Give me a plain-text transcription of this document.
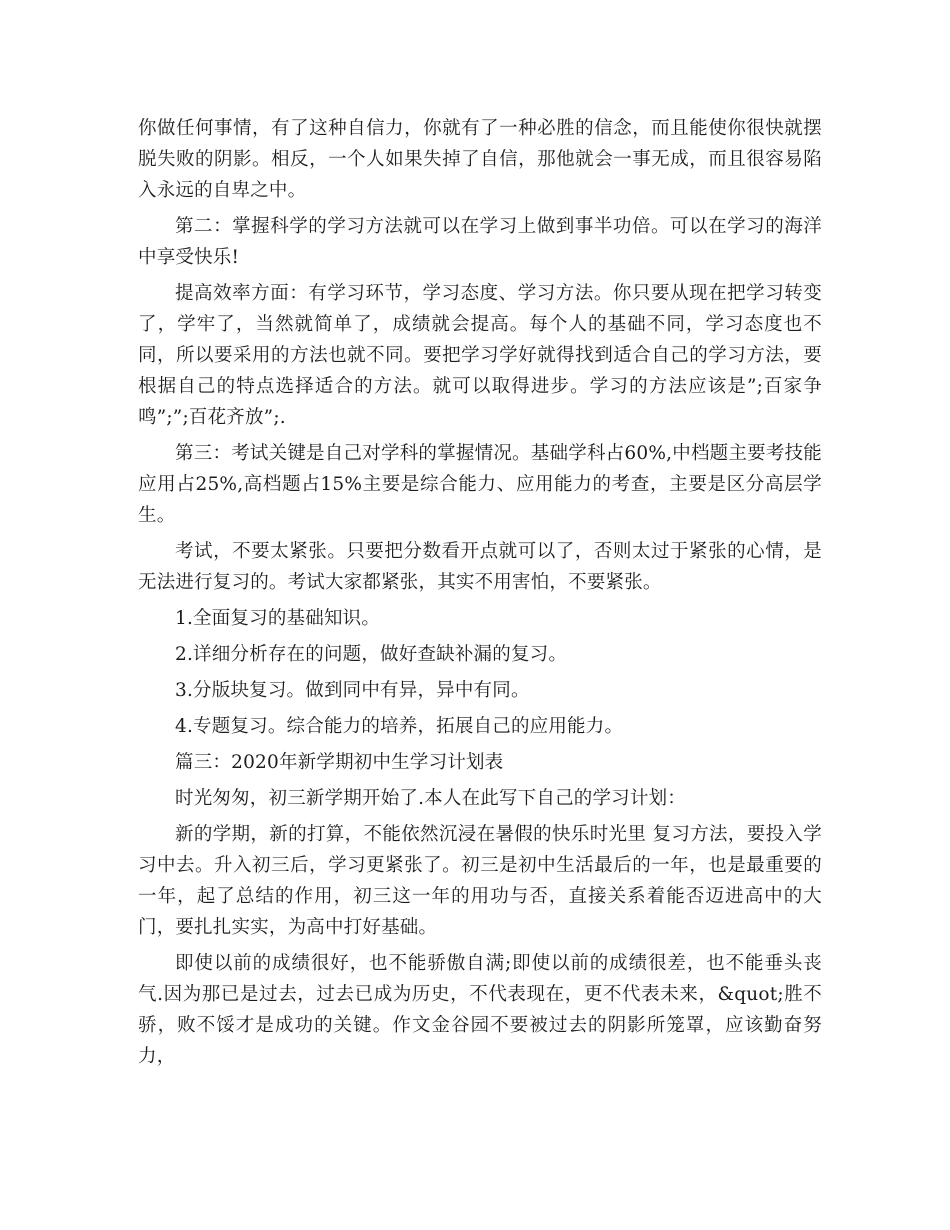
你做任何事情，有了这种自信力，你就有了一种必胜的信念，而且能使你很快就摆脱失败的阴影。相反，一个人如果失掉了自信，那他就会一事无成，而且很容易陷入永远的自卑之中。

第二：掌握科学的学习方法就可以在学习上做到事半功倍。可以在学习的海洋中享受快乐!

提高效率方面：有学习环节，学习态度、学习方法。你只要从现在把学习转变了，学牢了，当然就简单了，成绩就会提高。每个人的基础不同，学习态度也不同，所以要采用的方法也就不同。要把学习学好就得找到适合自己的学习方法，要根据自己的特点选择适合的方法。就可以取得进步。学习的方法应该是”;百家争鸣”;”;百花齐放”;.

第三：考试关键是自己对学科的掌握情况。基础学科占60%,中档题主要考技能应用占25%,高档题占15%主要是综合能力、应用能力的考查，主要是区分高层学生。

考试，不要太紧张。只要把分数看开点就可以了，否则太过于紧张的心情，是无法进行复习的。考试大家都紧张，其实不用害怕，不要紧张。

1.全面复习的基础知识。

2.详细分析存在的问题，做好查缺补漏的复习。

3.分版块复习。做到同中有异，异中有同。

4.专题复习。综合能力的培养，拓展自己的应用能力。

篇三：2020年新学期初中生学习计划表

时光匆匆，初三新学期开始了.本人在此写下自己的学习计划：

新的学期，新的打算，不能依然沉浸在暑假的快乐时光里 复习方法，要投入学习中去。升入初三后，学习更紧张了。初三是初中生活最后的一年，也是最重要的一年，起了总结的作用，初三这一年的用功与否，直接关系着能否迈进高中的大门，要扎扎实实，为高中打好基础。

即使以前的成绩很好，也不能骄傲自满;即使以前的成绩很差，也不能垂头丧气.因为那已是过去，过去已成为历史，不代表现在，更不代表未来，&quot;胜不骄，败不馁才是成功的关键。作文金谷园不要被过去的阴影所笼罩，应该勤奋努力，
